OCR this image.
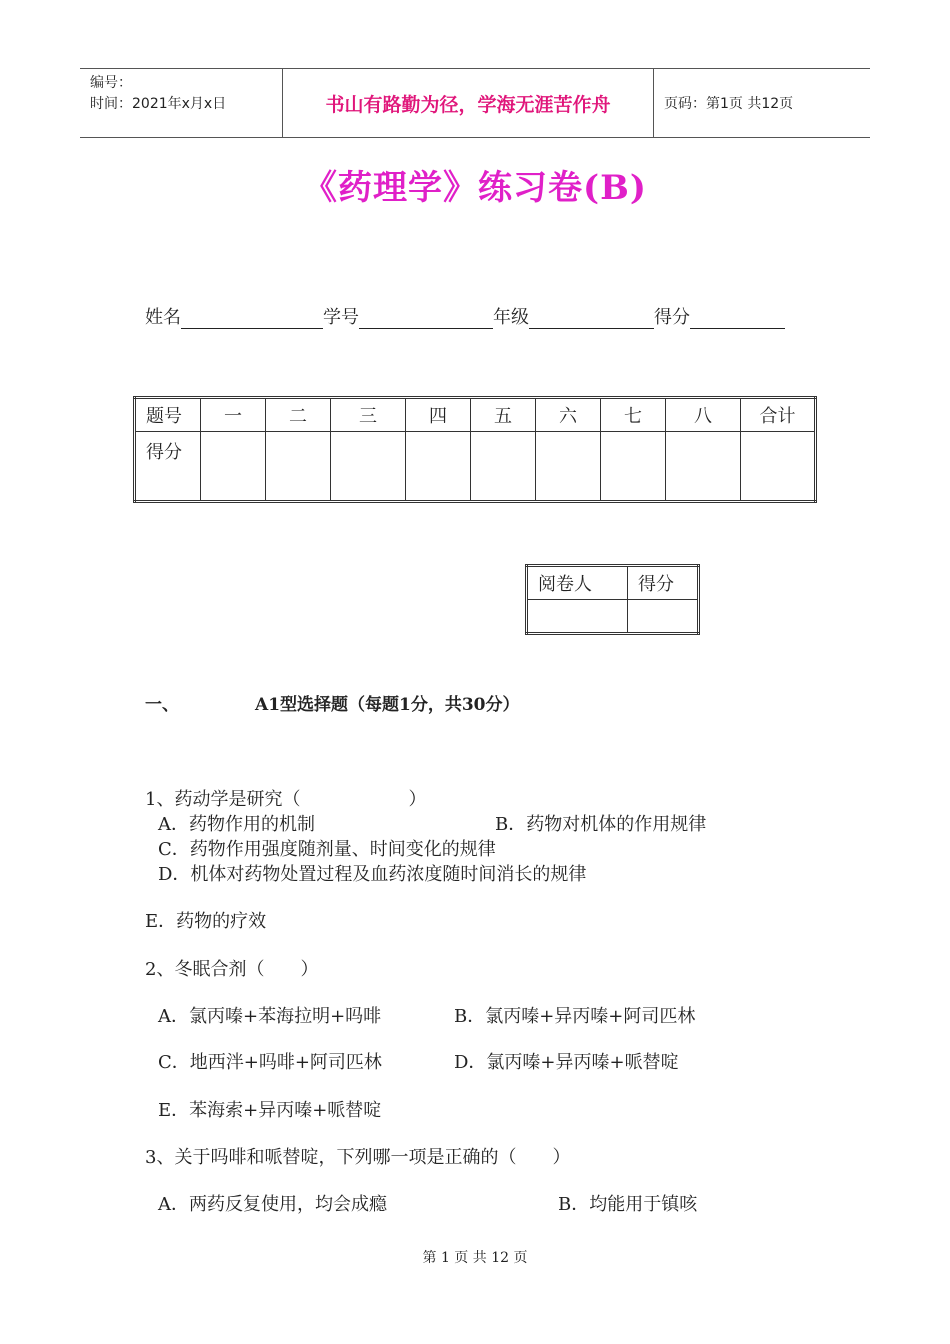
编号：
时间：2021年x月x日	书山有路勤为径，学海无涯苦作舟	页码：第1页 共12页
《药理学》练习卷(B)
姓名	学号	年级	得分
题号	一	二	三	四	五	六	七	八	合计
得分									
阅卷人	得分

一、	A1型选择题（每题1分，共30分）
1、药动学是研究（　　　　　　）
A．药物作用的机制	B．药物对机体的作用规律
C．药物作用强度随剂量、时间变化的规律
D．机体对药物处置过程及血药浓度随时间消长的规律
E．药物的疗效
2、冬眠合剂（　　）
A．氯丙嗪+苯海拉明+吗啡	B．氯丙嗪+异丙嗪+阿司匹林
C．地西泮+吗啡+阿司匹林	D．氯丙嗪+异丙嗪+哌替啶
E．苯海索+异丙嗪+哌替啶
3、关于吗啡和哌替啶，下列哪一项是正确的（　　）
A．两药反复使用，均会成瘾	B．均能用于镇咳
第 1 页 共 12 页
